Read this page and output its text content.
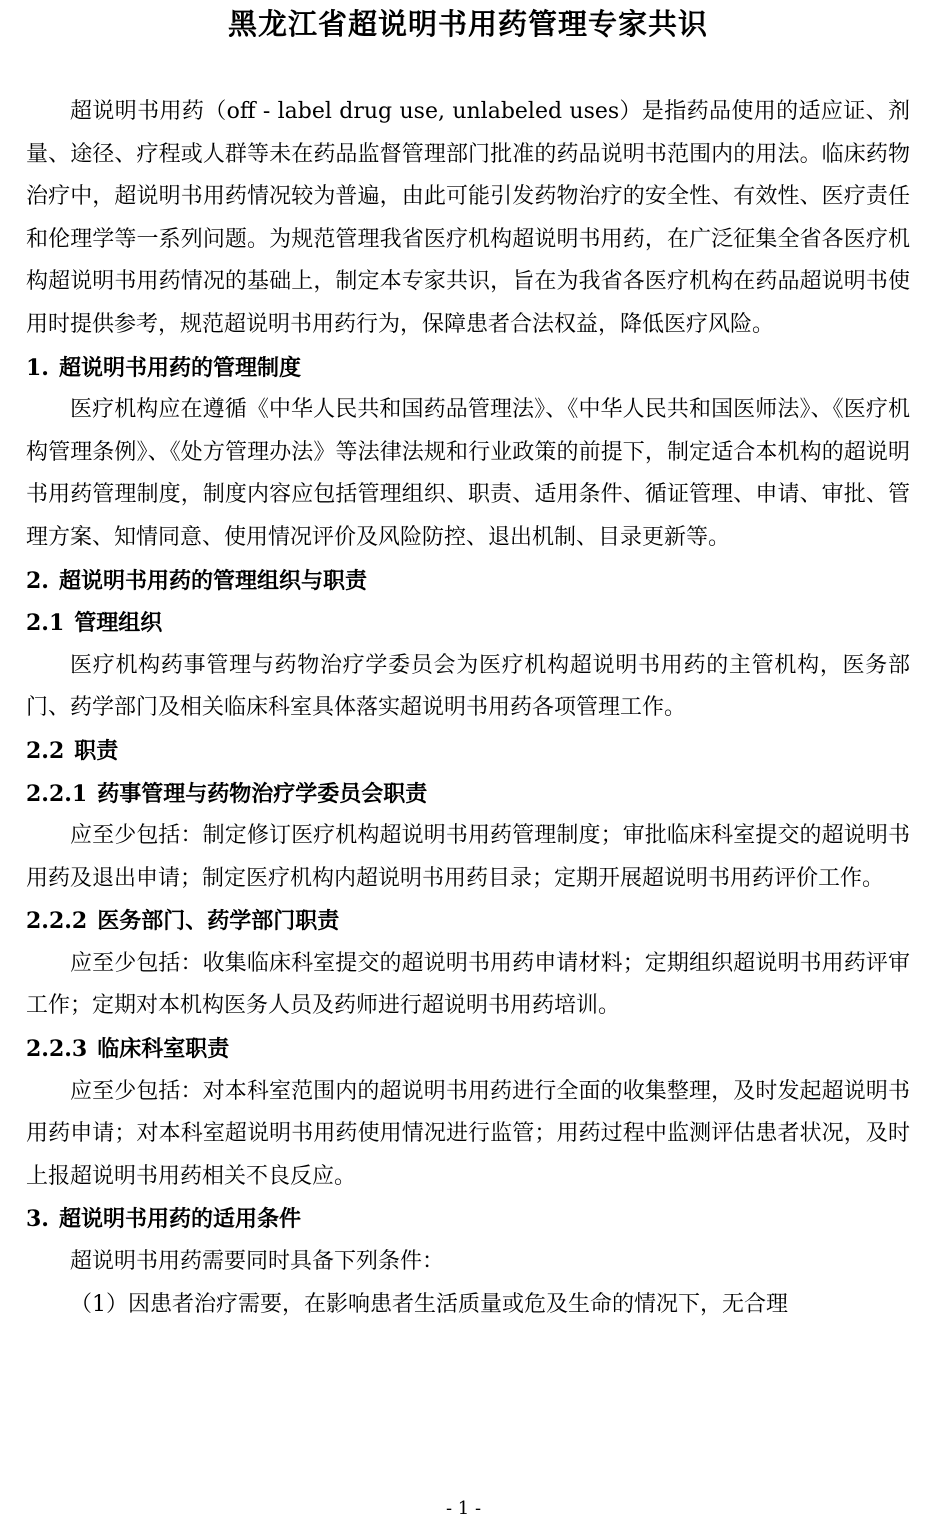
黑龙江省超说明书用药管理专家共识

超说明书用药（off - label drug use, unlabeled uses）是指药品使用的适应证、剂量、途径、疗程或人群等未在药品监督管理部门批准的药品说明书范围内的用法。临床药物治疗中，超说明书用药情况较为普遍，由此可能引发药物治疗的安全性、有效性、医疗责任和伦理学等一系列问题。为规范管理我省医疗机构超说明书用药，在广泛征集全省各医疗机构超说明书用药情况的基础上，制定本专家共识，旨在为我省各医疗机构在药品超说明书使用时提供参考，规范超说明书用药行为，保障患者合法权益，降低医疗风险。

1. 超说明书用药的管理制度

医疗机构应在遵循《中华人民共和国药品管理法》、《中华人民共和国医师法》、《医疗机构管理条例》、《处方管理办法》等法律法规和行业政策的前提下，制定适合本机构的超说明书用药管理制度，制度内容应包括管理组织、职责、适用条件、循证管理、申请、审批、管理方案、知情同意、使用情况评价及风险防控、退出机制、目录更新等。

2. 超说明书用药的管理组织与职责

2.1 管理组织

医疗机构药事管理与药物治疗学委员会为医疗机构超说明书用药的主管机构，医务部门、药学部门及相关临床科室具体落实超说明书用药各项管理工作。

2.2 职责

2.2.1 药事管理与药物治疗学委员会职责

应至少包括：制定修订医疗机构超说明书用药管理制度；审批临床科室提交的超说明书用药及退出申请；制定医疗机构内超说明书用药目录；定期开展超说明书用药评价工作。

2.2.2 医务部门、药学部门职责

应至少包括：收集临床科室提交的超说明书用药申请材料；定期组织超说明书用药评审工作；定期对本机构医务人员及药师进行超说明书用药培训。

2.2.3 临床科室职责

应至少包括：对本科室范围内的超说明书用药进行全面的收集整理，及时发起超说明书用药申请；对本科室超说明书用药使用情况进行监管；用药过程中监测评估患者状况，及时上报超说明书用药相关不良反应。

3. 超说明书用药的适用条件

超说明书用药需要同时具备下列条件：

（1）因患者治疗需要，在影响患者生活质量或危及生命的情况下，无合理

- 1 -
